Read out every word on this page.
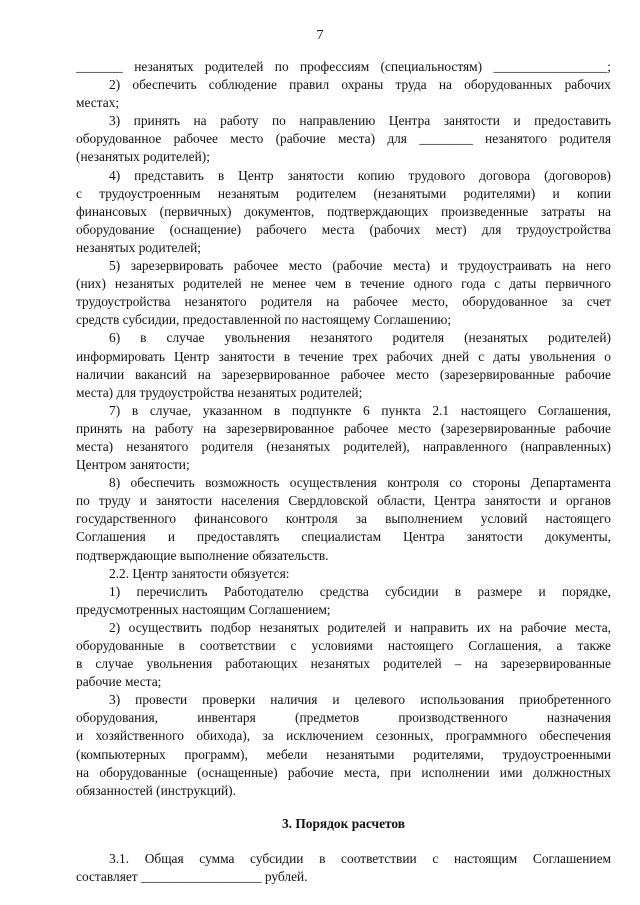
7
_______ незанятых родителей по профессиям (специальностям) _________________;
2) обеспечить соблюдение правил охраны труда на оборудованных рабочих
местах;
3) принять на работу по направлению Центра занятости и предоставить
оборудованное рабочее место (рабочие места) для ________ незанятого родителя
(незанятых родителей);
4) представить в Центр занятости копию трудового договора (договоров)
с трудоустроенным незанятым родителем (незанятыми родителями) и копии
финансовых (первичных) документов, подтверждающих произведенные затраты на
оборудование (оснащение) рабочего места (рабочих мест) для трудоустройства
незанятых родителей;
5) зарезервировать рабочее место (рабочие места) и трудоустраивать на него
(них) незанятых родителей не менее чем в течение одного года с даты первичного
трудоустройства незанятого родителя на рабочее место, оборудованное за счет
средств субсидии, предоставленной по настоящему Соглашению;
6) в случае увольнения незанятого родителя (незанятых родителей)
информировать Центр занятости в течение трех рабочих дней с даты увольнения о
наличии вакансий на зарезервированное рабочее место (зарезервированные рабочие
места) для трудоустройства незанятых родителей;
7) в случае, указанном в подпункте 6 пункта 2.1 настоящего Соглашения,
принять на работу на зарезервированное рабочее место (зарезервированные рабочие
места) незанятого родителя (незанятых родителей), направленного (направленных)
Центром занятости;
8) обеспечить возможность осуществления контроля со стороны Департамента
по труду и занятости населения Свердловской области, Центра занятости и органов
государственного финансового контроля за выполнением условий настоящего
Соглашения и предоставлять специалистам Центра занятости документы,
подтверждающие выполнение обязательств.
2.2. Центр занятости обязуется:
1) перечислить Работодателю средства субсидии в размере и порядке,
предусмотренных настоящим Соглашением;
2) осуществить подбор незанятых родителей и направить их на рабочие места,
оборудованные в соответствии с условиями настоящего Соглашения, а также
в случае увольнения работающих незанятых родителей – на зарезервированные
рабочие места;
3) провести проверки наличия и целевого использования приобретенного
оборудования, инвентаря (предметов производственного назначения
и хозяйственного обихода), за исключением сезонных, программного обеспечения
(компьютерных программ), мебели незанятыми родителями, трудоустроенными
на оборудованные (оснащенные) рабочие места, при исполнении ими должностных
обязанностей (инструкций).
3. Порядок расчетов
3.1. Общая сумма субсидии в соответствии с настоящим Соглашением
составляет __________________ рублей.
